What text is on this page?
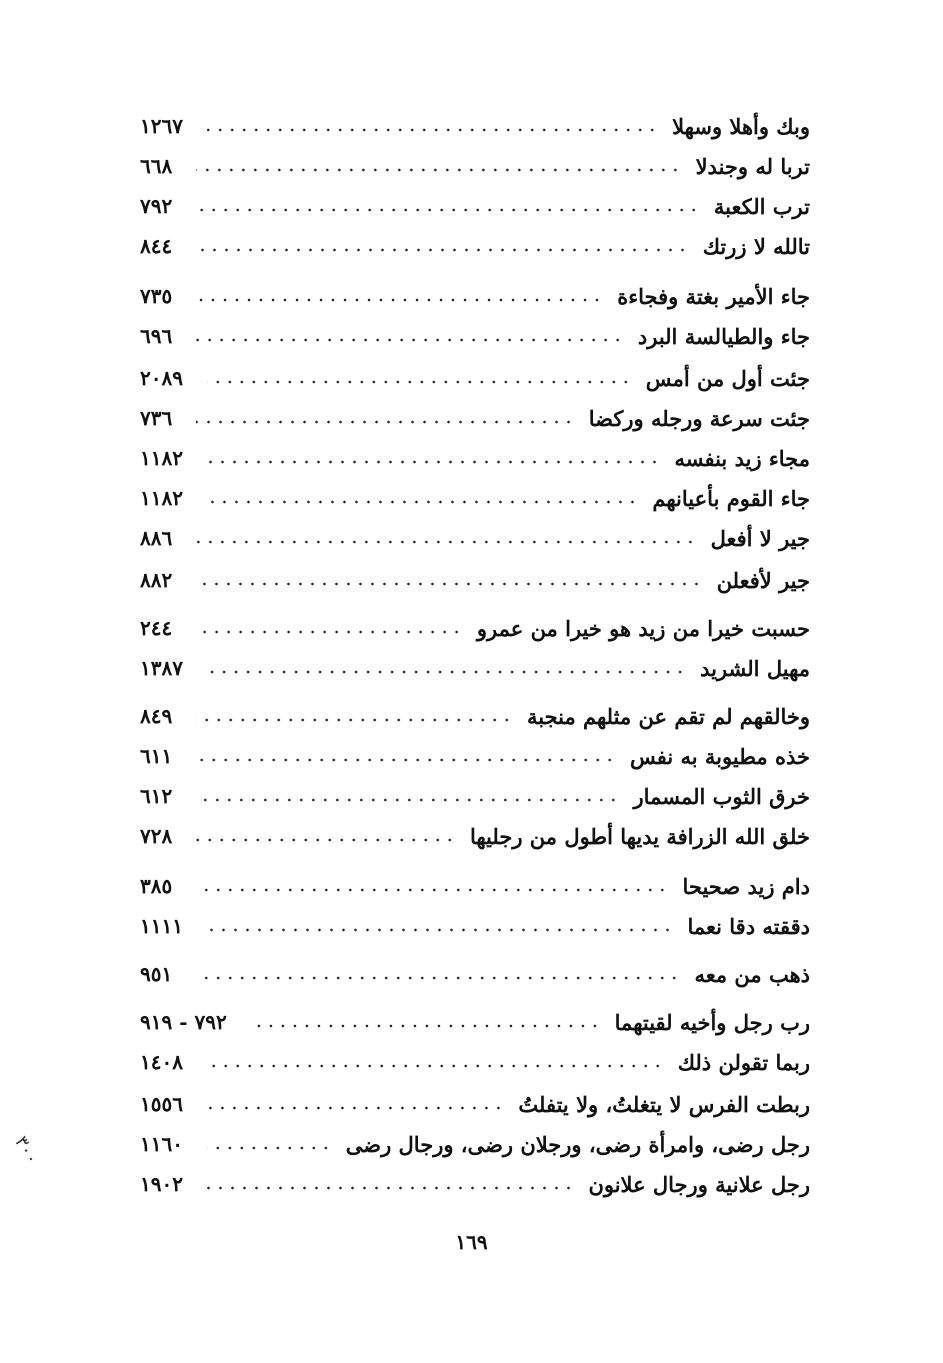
١٢٦٧	وبك وأهلا وسهلا
٦٦٨	تربا له وجندلا
٧٩٢	ترب الكعبة
٨٤٤	تالله لا زرتك
٧٣٥	جاء الأمير بغتة وفجاءة
٦٩٦	جاء والطيالسة البرد
٢٠٨٩	جئت أول من أمس
٧٣٦	جئت سرعة ورجله وركضا
١١٨٢	مجاء زيد بنفسه
١١٨٢	جاء القوم بأعيانهم
٨٨٦	جير لا أفعل
٨٨٢	جير لأفعلن
٢٤٤	حسبت خيرا من زيد هو خيرا من عمرو
١٣٨٧	مهيل الشريد
٨٤٩	وخالقهم لم تقم عن مثلهم منجبة
٦١١	خذه مطيوبة به نفس
٦١٢	خرق الثوب المسمار
٧٢٨	خلق الله الزرافة يديها أطول من رجليها
٣٨٥	دام زيد صحيحا
١١١١	دققته دقا نعما
٩٥١	ذهب من معه
٧٩٢ - ٩١٩	رب رجل وأخيه لقيتهما
١٤٠٨	ربما تقولن ذلك
١٥٥٦	ربطت الفرس لا يتغلتُ، ولا يتفلتُ
١١٦٠	رجل رضى، وامرأة رضى، ورجلان رضى، ورجال رضى
١٩٠٢	رجل علانية ورجال علانون
١٦٩
٣٠٠
